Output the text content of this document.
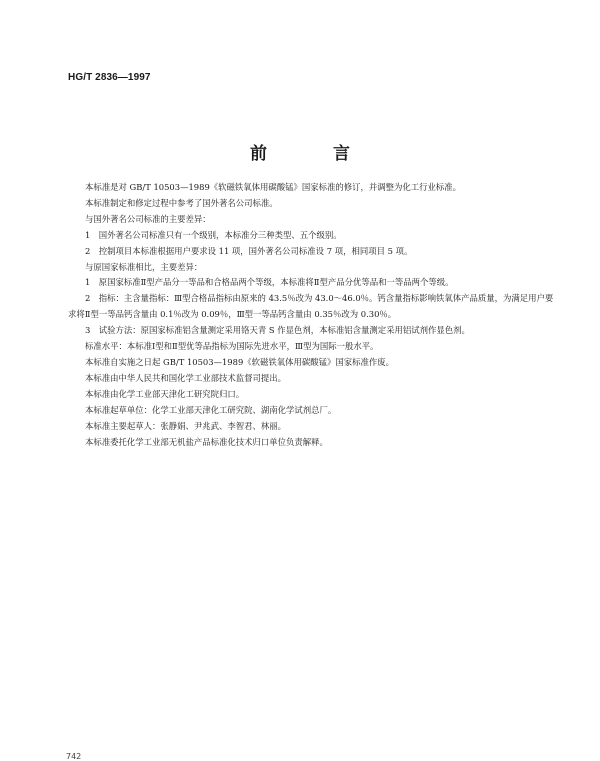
HG/T 2836—1997
前 言

本标准是对 GB/T 10503—1989《软磁铁氧体用碳酸锰》国家标准的修订，并调整为化工行业标准。

本标准制定和修定过程中参考了国外著名公司标准。

与国外著名公司标准的主要差异：

1　国外著名公司标准只有一个级别，本标准分三种类型、五个级别。

2　控制项目本标准根据用户要求设 11 项，国外著名公司标准设 7 项，相同项目 5 项。

与原国家标准相比，主要差异：

1　原国家标准Ⅱ型产品分一等品和合格品两个等级，本标准将Ⅱ型产品分优等品和一等品两个等级。

2　指标：主含量指标：Ⅲ型合格品指标由原来的 43.5％改为 43.0～46.0％。钙含量指标影响铁氧体产品质量，为满足用户要求将Ⅱ型一等品钙含量由 0.1％改为 0.09％，Ⅲ型一等品钙含量由 0.35％改为 0.30％。

3　试验方法：原国家标准铝含量测定采用铬天青 S 作显色剂，本标准铝含量测定采用铝试剂作显色剂。

标准水平：本标准Ⅰ型和Ⅱ型优等品指标为国际先进水平，Ⅲ型为国际一般水平。

本标准自实施之日起 GB/T 10503—1989《软磁铁氧体用碳酸锰》国家标准作废。

本标准由中华人民共和国化学工业部技术监督司提出。

本标准由化学工业部天津化工研究院归口。

本标准起草单位：化学工业部天津化工研究院、湖南化学试剂总厂。

本标准主要起草人：张静娟、尹兆武、李智君、林丽。

本标准委托化学工业部无机盐产品标准化技术归口单位负责解释。

742
